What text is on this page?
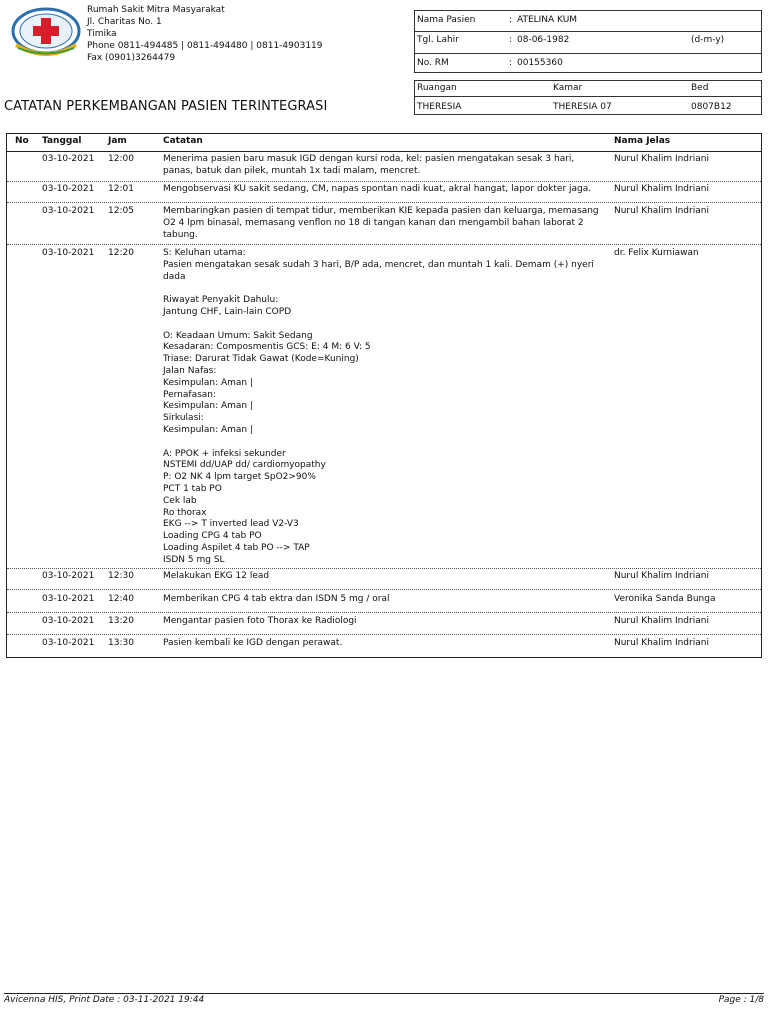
Rumah Sakit Mitra Masyarakat
Jl. Charitas No. 1
Timika
Phone 0811-494485 | 0811-494480 | 0811-4903119
Fax (0901)3264479
Nama Pasien	: ATELINA KUM
Tgl. Lahir	: 08-06-1982	(d-m-y)
No. RM	: 00155360
Ruangan	Kamar	Bed
THERESIA	THERESIA 07	0807B12
CATATAN PERKEMBANGAN PASIEN TERINTEGRASI
No Tanggal	Jam	Catatan	Nama Jelas
03-10-2021 12:00	Menerima pasien baru masuk IGD dengan kursi roda, kel: pasien mengatakan sesak 3 hari,
panas, batuk dan pilek, muntah 1x tadi malam, mencret.
Nurul Khalim Indriani
03-10-2021 12:01	Mengobservasi KU sakit sedang, CM, napas spontan nadi kuat, akral hangat, lapor dokter jaga.	Nurul Khalim Indriani
03-10-2021 12:05	Membaringkan pasien di tempat tidur, memberikan KIE kepada pasien dan keluarga, memasang
O2 4 lpm binasal, memasang venflon no 18 di tangan kanan dan mengambil bahan laborat 2
tabung.
Nurul Khalim Indriani
03-10-2021 12:20	S: Keluhan utama:
Pasien mengatakan sesak sudah 3 hari, B/P ada, mencret, dan muntah 1 kali. Demam (+) nyeri
dada

Riwayat Penyakit Dahulu:
Jantung CHF, Lain-lain COPD

O: Keadaan Umum: Sakit Sedang
Kesadaran: Composmentis GCS: E: 4 M: 6 V: 5
Triase: Darurat Tidak Gawat (Kode=Kuning)
Jalan Nafas:
Kesimpulan: Aman |
Pernafasan:
Kesimpulan: Aman |
Sirkulasi:
Kesimpulan: Aman |

A: PPOK + infeksi sekunder
NSTEMI dd/UAP dd/ cardiomyopathy
P: O2 NK 4 lpm target SpO2>90%
PCT 1 tab PO
Cek lab
Ro thorax
EKG --> T inverted lead V2-V3
Loading CPG 4 tab PO
Loading Aspilet 4 tab PO --> TAP
ISDN 5 mg SL
dr. Felix Kurniawan
03-10-2021 12:30	Melakukan EKG 12 lead	Nurul Khalim Indriani
03-10-2021 12:40	Memberikan CPG 4 tab ektra dan ISDN 5 mg / oral	Veronika Sanda Bunga
03-10-2021 13:20	Mengantar pasien foto Thorax ke Radiologi	Nurul Khalim Indriani
03-10-2021 13:30	Pasien kembali ke IGD dengan perawat.	Nurul Khalim Indriani
Avicenna HIS, Print Date : 03-11-2021 19:44	Page : 1/8
